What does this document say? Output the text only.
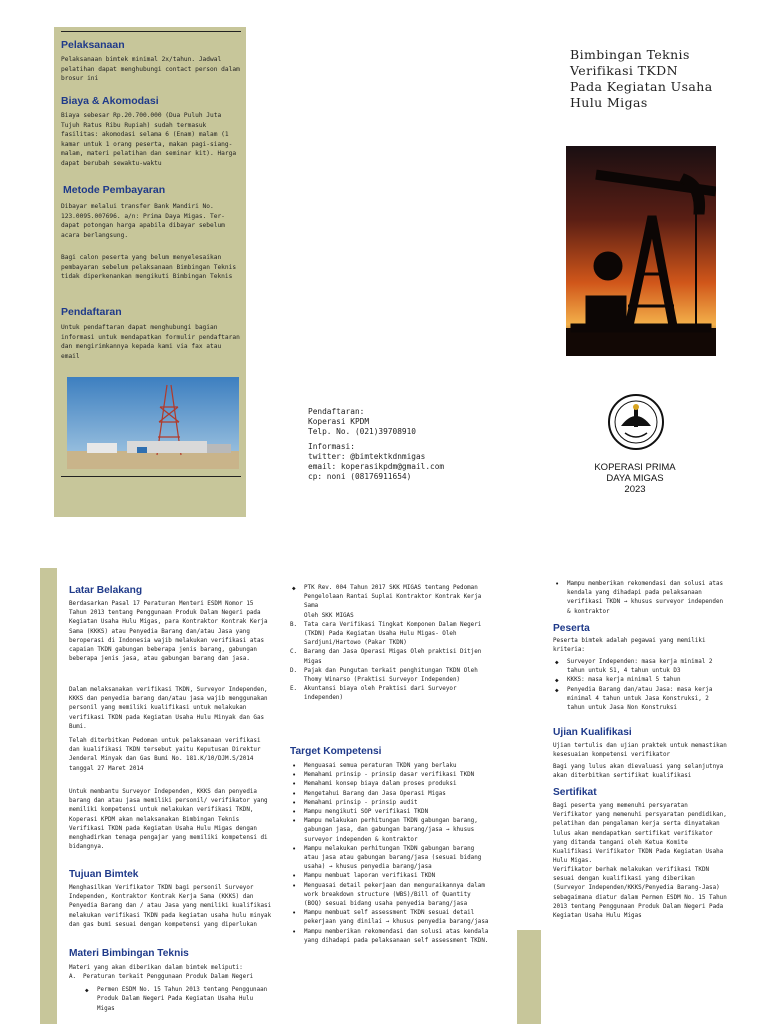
Pelaksanaan
Pelaksanaan bimtek minimal 2x/tahun. Jadwal pelatihan dapat menghubungi contact person dalam brosur ini
Biaya & Akomodasi
Biaya sebesar Rp.20.700.000 (Dua Puluh Juta Tujuh Ratus Ribu Rupiah) sudah termasuk fasilitas: akomodasi selama 6 (Enam) malam (1 kamar untuk 1 orang peserta, makan pagi-siang-malam, materi pelatihan dan seminar kit). Harga dapat berubah sewaktu-waktu
Metode Pembayaran
Dibayar melalui transfer Bank Mandiri No. 123.0095.007696. a/n: Prima Daya Migas. Ter-dapat potongan harga apabila dibayar sebelum acara berlangsung.
Bagi calon peserta yang belum menyelesaikan pembayaran sebelum pelaksanaan Bimbingan Teknis tidak diperkenankan mengikuti Bimbingan Teknis
Pendaftaran
Untuk pendaftaran dapat menghubungi bagian informasi untuk mendapatkan formulir pendaftaran dan mengirimkannya kepada kami via fax atau email
Bimbingan Teknis
Verifikasi TKDN
Pada Kegiatan Usaha
Hulu Migas
Pendaftaran:
Koperasi KPDM
Telp. No. (021)39708910
Informasi:
twitter: @bimtektkdnmigas
email: koperasikpdm@gmail.com
cp: noni (08176911654)
KOPERASI PRIMA
DAYA MIGAS
2023
Latar Belakang
Berdasarkan Pasal 17 Peraturan Menteri ESDM Nomor 15 Tahun 2013 tentang Penggunaan Produk Dalam Negeri pada Kegiatan Usaha Hulu Migas, para Kontraktor Kontrak Kerja Sama (KKKS) atau Penyedia Barang dan/atau Jasa yang beroperasi di Indonesia wajib melakukan verifikasi atas capaian TKDN gabungan beberapa jenis barang, gabungan beberapa jenis jasa, atau gabungan barang dan jasa.
Dalam melaksanakan verifikasi TKDN, Surveyor Independen, KKKS dan penyedia barang dan/atau jasa wajib menggunakan personil yang memiliki kualifikasi untuk melakukan verifikasi TKDN pada Kegiatan Usaha Hulu Minyak dan Gas Bumi.
Telah diterbitkan Pedoman untuk pelaksanaan verifikasi dan kualifikasi TKDN tersebut yaitu Keputusan Direktur Jenderal Minyak dan Gas Bumi No. 181.K/10/DJM.S/2014 tanggal 27 Maret 2014
Untuk membantu Surveyor Independen, KKKS dan penyedia barang dan atau jasa memiliki personil/ verifikator yang memiliki kompetensi untuk melakukan verifikasi TKDN, Koperasi KPDM akan melaksanakan Bimbingan Teknis Verifikasi TKDN pada Kegiatan Usaha Hulu Migas dengan menghadirkan tenaga pengajar yang memiliki kompetensi di bidangnya.
Tujuan Bimtek
Menghasilkan Verifikator TKDN bagi personil Surveyor Independen, Kontraktor Kontrak Kerja Sama (KKKS) dan Penyedia Barang dan / atau Jasa yang memiliki kualifikasi melakukan verifikasi TKDN pada kegiatan usaha hulu minyak dan gas bumi sesuai dengan kompetensi yang diperlukan
Materi Bimbingan Teknis
Materi yang akan diberikan dalam bimtek meliputi:
A. Peraturan terkait Penggunaan Produk Dalam Negeri
◆ Permen ESDM No. 15 Tahun 2013 tentang Penggunaan Produk Dalam Negeri Pada Kegiatan Usaha Hulu Migas
◆ PTK Rev. 004 Tahun 2017 SKK MIGAS tentang Pedoman Pengelolaan Rantai Suplai Kontraktor Kontrak Kerja Sama
Oleh SKK MIGAS
B. Tata cara Verifikasi Tingkat Komponen Dalam Negeri (TKDN) Pada Kegiatan Usaha Hulu Migas- Oleh Sardjuni/Hartowo (Pakar TKDN)
C. Barang dan Jasa Operasi Migas Oleh praktisi Ditjen Migas
D. Pajak dan Pungutan terkait penghitungan TKDN Oleh Thomy Winarso (Praktisi Surveyor Independen)
E. Akuntansi biaya oleh Praktisi dari Surveyor independen)
Target Kompetensi
• Menguasai semua peraturan TKDN yang berlaku
• Memahami prinsip - prinsip dasar verifikasi TKDN
• Memahami konsep biaya dalam proses produksi
• Mengetahui Barang dan Jasa Operasi Migas
• Memahami prinsip - prinsip audit
• Mampu mengikuti SOP verifikasi TKDN
• Mampu melakukan perhitungan TKDN gabungan barang, gabungan jasa, dan gabungan barang/jasa → khusus surveyor independen & kontraktor
• Mampu melakukan perhitungan TKDN gabungan barang atau jasa atau gabungan barang/jasa (sesuai bidang usaha) → khusus penyedia barang/jasa
• Mampu membuat laporan verifikasi TKDN
• Menguasai detail pekerjaan dan menguraikannya dalam work breakdown structure (WBS)/Bill of Quantity (BOQ) sesuai bidang usaha penyedia barang/jasa
• Mampu membuat self assessment TKDN sesuai detail pekerjaan yang dinilai → khusus penyedia barang/jasa
• Mampu memberikan rekomendasi dan solusi atas kendala yang dihadapi pada pelaksanaan self assessment TKDN.
• Mampu memberikan rekomendasi dan solusi atas kendala yang dihadapi pada pelaksanaan verifikasi TKDN → khusus surveyor independen & kontraktor
Peserta
Peserta bimtek adalah pegawai yang memiliki kriteria:
◆ Surveyor Independen: masa kerja minimal 2 tahun untuk S1, 4 tahun untuk D3
◆ KKKS: masa kerja minimal 5 tahun
◆ Penyedia Barang dan/atau Jasa: masa kerja minimal 4 tahun untuk Jasa Konstruksi, 2 tahun untuk Jasa Non Konstruksi
Ujian Kualifikasi
Ujian tertulis dan ujian praktek untuk memastikan kesesuaian kompetensi verifikator
Bagi yang lulus akan dievaluasi yang selanjutnya akan diterbitkan sertifikat kualifikasi
Sertifikat
Bagi peserta yang memenuhi persyaratan Verifikator yang memenuhi persyaratan pendidikan, pelatihan dan pengalaman kerja serta dinyatakan lulus akan mendapatkan sertifikat verifikator yang ditanda tangani oleh Ketua Komite Kualifikasi Verifikator TKDN Pada Kegiatan Usaha Hulu Migas.
Verifikator berhak melakukan verifikasi TKDN sesuai dengan kualifikasi yang diberikan (Surveyor Independen/KKKS/Penyedia Barang-Jasa) sebagaimana diatur dalam Permen ESDM No. 15 Tahun 2013 tentang Penggunaan Produk Dalam Negeri Pada Kegiatan Usaha Hulu Migas
